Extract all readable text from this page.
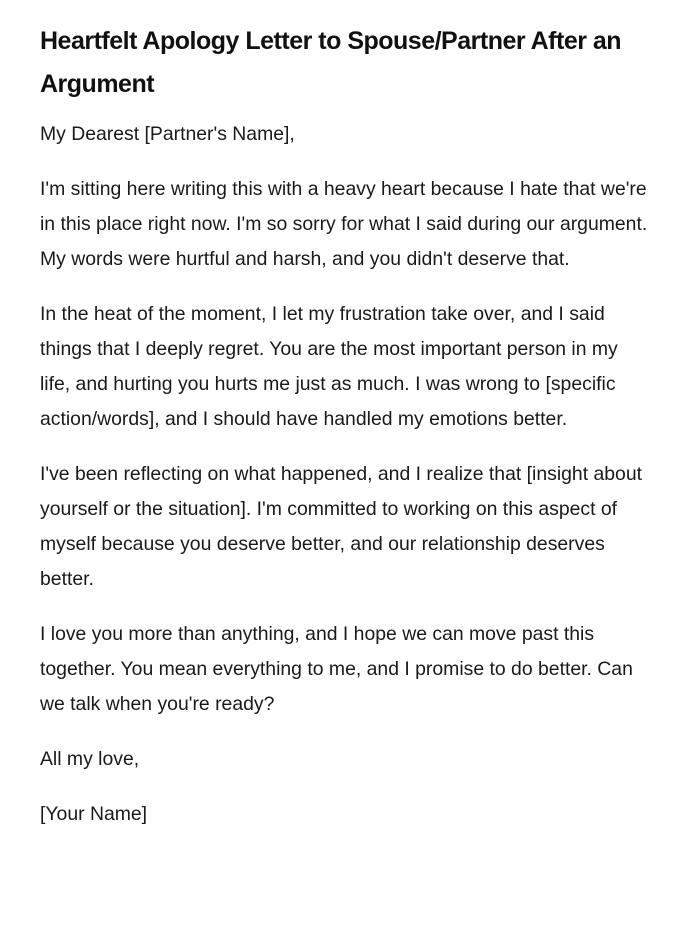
Heartfelt Apology Letter to Spouse/Partner After an Argument

My Dearest [Partner's Name],

I'm sitting here writing this with a heavy heart because I hate that we're in this place right now. I'm so sorry for what I said during our argument. My words were hurtful and harsh, and you didn't deserve that.

In the heat of the moment, I let my frustration take over, and I said things that I deeply regret. You are the most important person in my life, and hurting you hurts me just as much. I was wrong to [specific action/words], and I should have handled my emotions better.

I've been reflecting on what happened, and I realize that [insight about yourself or the situation]. I'm committed to working on this aspect of myself because you deserve better, and our relationship deserves better.

I love you more than anything, and I hope we can move past this together. You mean everything to me, and I promise to do better. Can we talk when you're ready?

All my love,

[Your Name]
